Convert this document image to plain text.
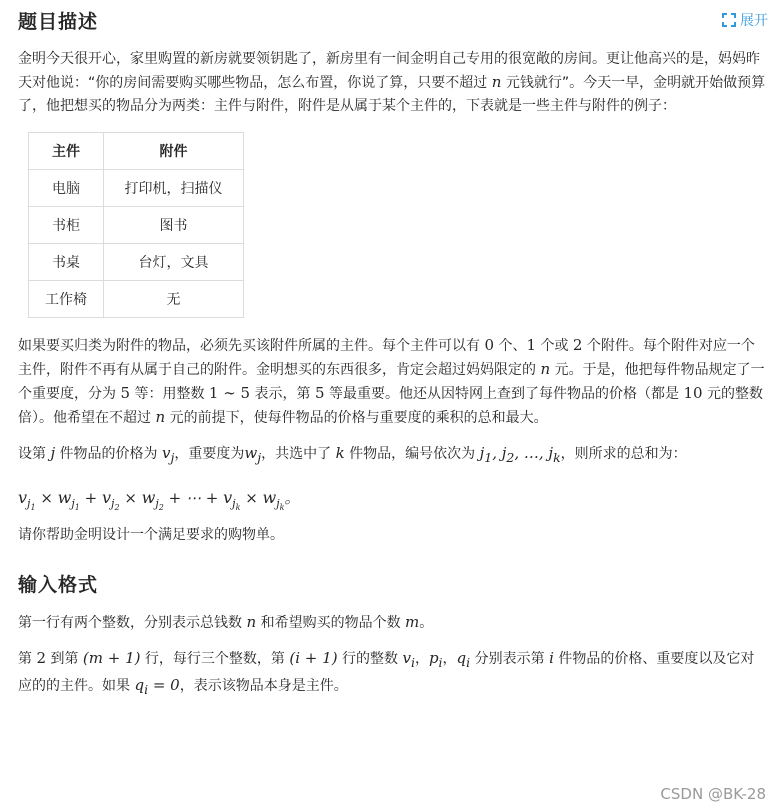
题目描述	展开

金明今天很开心，家里购置的新房就要领钥匙了，新房里有一间金明自己专用的很宽敞的房间。更让他高兴的是，妈妈昨天对他说：“你的房间需要购买哪些物品，怎么布置，你说了算，只要不超过 n 元钱就行”。今天一早，金明就开始做预算了，他把想买的物品分为两类：主件与附件，附件是从属于某个主件的，下表就是一些主件与附件的例子：

主件	附件
电脑	打印机，扫描仪
书柜	图书
书桌	台灯，文具
工作椅	无

如果要买归类为附件的物品，必须先买该附件所属的主件。每个主件可以有 0 个、1 个或 2 个附件。每个附件对应一个主件，附件不再有从属于自己的附件。金明想买的东西很多，肯定会超过妈妈限定的 n 元。于是，他把每件物品规定了一个重要度，分为 5 等：用整数 1 ∼ 5 表示，第 5 等最重要。他还从因特网上查到了每件物品的价格（都是 10 元的整数倍）。他希望在不超过 n 元的前提下，使每件物品的价格与重要度的乘积的总和最大。

设第 j 件物品的价格为 $v_j$，重要度为$w_j$，共选中了 k 件物品，编号依次为 $j_1$, $j_2$, …, $j_k$，则所求的总和为：

$v_{j_1} \times w_{j_1} + v_{j_2} \times w_{j_2}$ + ⋯ + $v_{j_k} \times w_{j_k}$。

请你帮助金明设计一个满足要求的购物单。

输入格式

第一行有两个整数，分别表示总钱数 n 和希望购买的物品个数 m。

第 2 到第 (m + 1) 行，每行三个整数，第 (i + 1) 行的整数 $v_i$，$p_i$，$q_i$ 分别表示第 i 件物品的价格、重要度以及它对应的的主件。如果 $q_i = 0$，表示该物品本身是主件。

CSDN @BK-28
